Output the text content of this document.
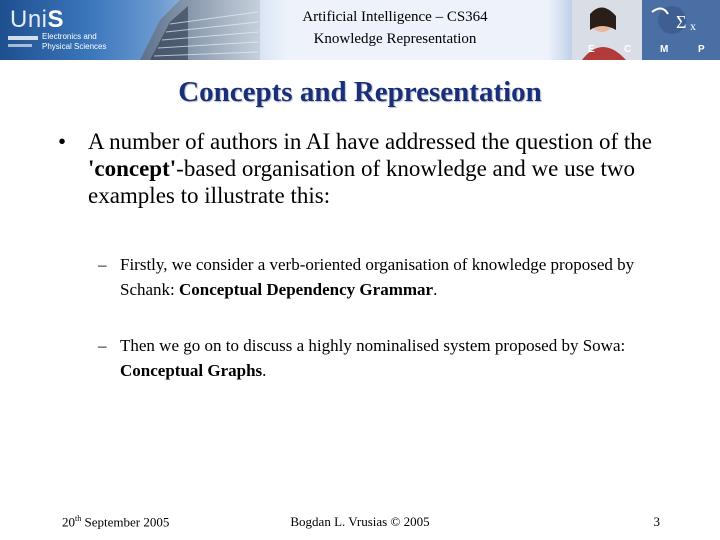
UniS
Electronics and
Physical Sciences
Artificial Intelligence – CS364
Knowledge Representation
Σ x
E	C	M	P
Concepts and Representation
• A number of authors in AI have addressed the question of the 'concept'-based organisation of knowledge and we use two examples to illustrate this:
– Firstly, we consider a verb-oriented organisation of knowledge proposed by Schank: Conceptual Dependency Grammar.
– Then we go on to discuss a highly nominalised system proposed by Sowa: Conceptual Graphs.
20th September 2005	Bogdan L. Vrusias © 2005	3
